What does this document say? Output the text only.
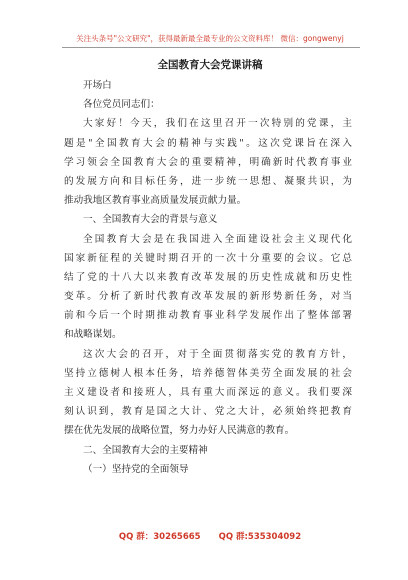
关注头条号"公文研究"，获得最新最全最专业的公文资料库！ 微信：gongwenyj
全国教育大会党课讲稿
开场白
各位党员同志们：
大家好！今天，我们在这里召开一次特别的党课，主
题是"全国教育大会的精神与实践"。这次党课旨在深入
学习领会全国教育大会的重要精神，明确新时代教育事业
的发展方向和目标任务，进一步统一思想、凝聚共识，为
推动我地区教育事业高质量发展贡献力量。
一、全国教育大会的背景与意义
全国教育大会是在我国进入全面建设社会主义现代化
国家新征程的关键时期召开的一次十分重要的会议。它总
结了党的十八大以来教育改革发展的历史性成就和历史性
变革。分析了新时代教育改革发展的新形势新任务，对当
前和今后一个时期推动教育事业科学发展作出了整体部署
和战略谋划。
这次大会的召开，对于全面贯彻落实党的教育方针，
坚持立德树人根本任务，培养德智体美劳全面发展的社会
主义建设者和接班人，具有重大而深远的意义。我们要深
刻认识到，教育是国之大计、党之大计，必须始终把教育
摆在优先发展的战略位置，努力办好人民满意的教育。
二、全国教育大会的主要精神
（一）坚持党的全面领导
QQ 群：30265665 QQ 群:535304092
